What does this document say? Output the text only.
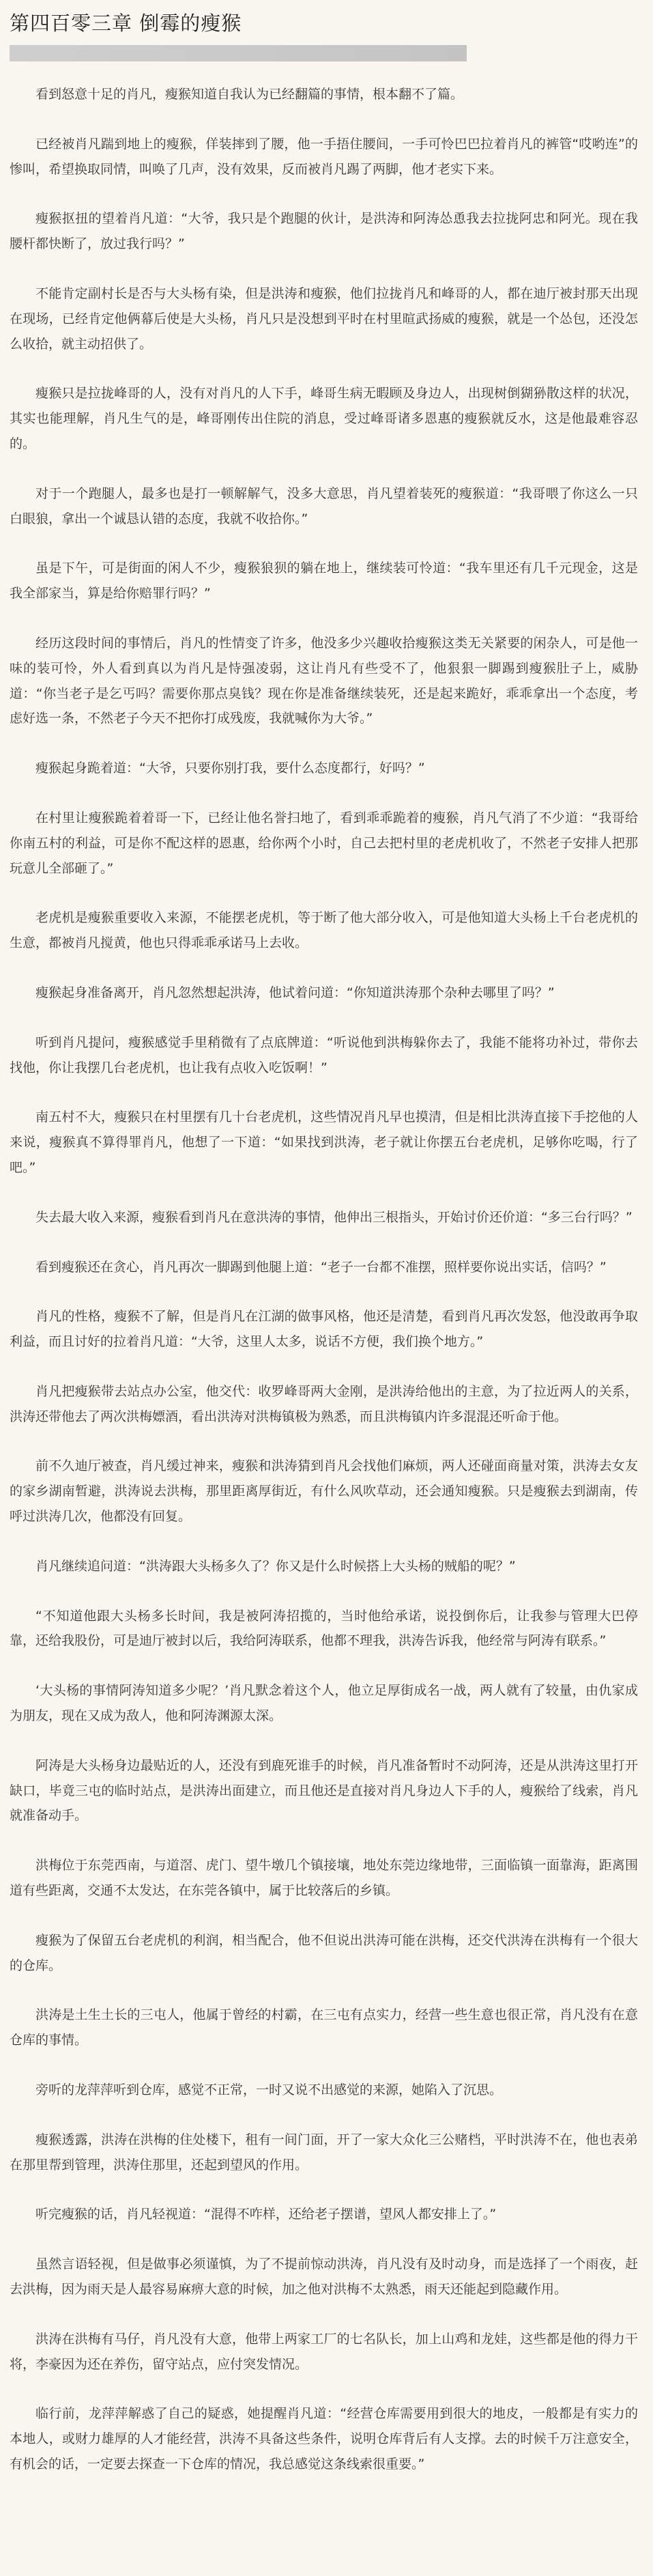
第四百零三章 倒霉的瘦猴

看到怒意十足的肖凡，瘦猴知道自我认为已经翻篇的事情，根本翻不了篇。

已经被肖凡踹到地上的瘦猴，佯装摔到了腰，他一手捂住腰间，一手可怜巴巴拉着肖凡的裤管“哎哟连”的惨叫，希望换取同情，叫唤了几声，没有效果，反而被肖凡踢了两脚，他才老实下来。

瘦猴抠扭的望着肖凡道：“大爷，我只是个跑腿的伙计，是洪涛和阿涛怂恿我去拉拢阿忠和阿光。现在我腰杆都快断了，放过我行吗？”

不能肯定副村长是否与大头杨有染，但是洪涛和瘦猴，他们拉拢肖凡和峰哥的人，都在迪厅被封那天出现在现场，已经肯定他俩幕后使是大头杨，肖凡只是没想到平时在村里暄武扬威的瘦猴，就是一个怂包，还没怎么收拾，就主动招供了。

瘦猴只是拉拢峰哥的人，没有对肖凡的人下手，峰哥生病无暇顾及身边人，出现树倒猢狲散这样的状况，其实也能理解，肖凡生气的是，峰哥刚传出住院的消息，受过峰哥诸多恩惠的瘦猴就反水，这是他最难容忍的。

对于一个跑腿人，最多也是打一顿解解气，没多大意思，肖凡望着装死的瘦猴道：“我哥喂了你这么一只白眼狼，拿出一个诚恳认错的态度，我就不收拾你。”

虽是下午，可是街面的闲人不少，瘦猴狼狈的躺在地上，继续装可怜道：“我车里还有几千元现金，这是我全部家当，算是给你赔罪行吗？”

经历这段时间的事情后，肖凡的性情变了许多，他没多少兴趣收拾瘦猴这类无关紧要的闲杂人，可是他一味的装可怜，外人看到真以为肖凡是恃强凌弱，这让肖凡有些受不了，他狠狠一脚踢到瘦猴肚子上，威胁道：“你当老子是乞丐吗？需要你那点臭钱？现在你是准备继续装死，还是起来跪好，乖乖拿出一个态度，考虑好选一条，不然老子今天不把你打成残废，我就喊你为大爷。”

瘦猴起身跪着道：“大爷，只要你别打我，要什么态度都行，好吗？”

在村里让瘦猴跪着着哥一下，已经让他名誉扫地了，看到乖乖跪着的瘦猴，肖凡气消了不少道：“我哥给你南五村的利益，可是你不配这样的恩惠，给你两个小时，自己去把村里的老虎机收了，不然老子安排人把那玩意儿全部砸了。”

老虎机是瘦猴重要收入来源，不能摆老虎机，等于断了他大部分收入，可是他知道大头杨上千台老虎机的生意，都被肖凡搅黄，他也只得乖乖承诺马上去收。

瘦猴起身准备离开，肖凡忽然想起洪涛，他试着问道：“你知道洪涛那个杂种去哪里了吗？”

听到肖凡提问，瘦猴感觉手里稍微有了点底牌道：“听说他到洪梅躲你去了，我能不能将功补过，带你去找他，你让我摆几台老虎机，也让我有点收入吃饭啊！”

南五村不大，瘦猴只在村里摆有几十台老虎机，这些情况肖凡早也摸清，但是相比洪涛直接下手挖他的人来说，瘦猴真不算得罪肖凡，他想了一下道：“如果找到洪涛，老子就让你摆五台老虎机，足够你吃喝，行了吧。”

失去最大收入来源，瘦猴看到肖凡在意洪涛的事情，他伸出三根指头，开始讨价还价道：“多三台行吗？”

看到瘦猴还在贪心，肖凡再次一脚踢到他腿上道：“老子一台都不准摆，照样要你说出实话，信吗？”

肖凡的性格，瘦猴不了解，但是肖凡在江湖的做事风格，他还是清楚，看到肖凡再次发怒，他没敢再争取利益，而且讨好的拉着肖凡道：“大爷，这里人太多，说话不方便，我们换个地方。”

肖凡把瘦猴带去站点办公室，他交代：收罗峰哥两大金刚，是洪涛给他出的主意，为了拉近两人的关系，洪涛还带他去了两次洪梅嫖酒，看出洪涛对洪梅镇极为熟悉，而且洪梅镇内许多混混还听命于他。

前不久迪厅被查，肖凡缓过神来，瘦猴和洪涛猜到肖凡会找他们麻烦，两人还碰面商量对策，洪涛去女友的家乡湖南暂避，洪涛说去洪梅，那里距离厚街近，有什么风吹草动，还会通知瘦猴。只是瘦猴去到湖南，传呼过洪涛几次，他都没有回复。

肖凡继续追问道：“洪涛跟大头杨多久了？你又是什么时候搭上大头杨的贼船的呢？”

“不知道他跟大头杨多长时间，我是被阿涛招揽的，当时他给承诺，说投倒你后，让我参与管理大巴停靠，还给我股份，可是迪厅被封以后，我给阿涛联系，他都不理我，洪涛告诉我，他经常与阿涛有联系。”

‘大头杨的事情阿涛知道多少呢？’肖凡默念着这个人，他立足厚街成名一战，两人就有了较量，由仇家成为朋友，现在又成为敌人，他和阿涛渊源太深。

阿涛是大头杨身边最贴近的人，还没有到鹿死谁手的时候，肖凡准备暂时不动阿涛，还是从洪涛这里打开缺口，毕竟三屯的临时站点，是洪涛出面建立，而且他还是直接对肖凡身边人下手的人，瘦猴给了线索，肖凡就准备动手。

洪梅位于东莞西南，与道滘、虎门、望牛墩几个镇接壤，地处东莞边缘地带，三面临镇一面靠海，距离围道有些距离，交通不太发达，在东莞各镇中，属于比较落后的乡镇。

瘦猴为了保留五台老虎机的利润，相当配合，他不但说出洪涛可能在洪梅，还交代洪涛在洪梅有一个很大的仓库。

洪涛是土生土长的三屯人，他属于曾经的村霸，在三屯有点实力，经营一些生意也很正常，肖凡没有在意仓库的事情。

旁听的龙萍萍听到仓库，感觉不正常，一时又说不出感觉的来源，她陷入了沉思。

瘦猴透露，洪涛在洪梅的住处楼下，租有一间门面，开了一家大众化三公赌档，平时洪涛不在，他也表弟在那里帮到管理，洪涛住那里，还起到望风的作用。

听完瘦猴的话，肖凡轻视道：“混得不咋样，还给老子摆谱，望风人都安排上了。”

虽然言语轻视，但是做事必须谨慎，为了不提前惊动洪涛，肖凡没有及时动身，而是选择了一个雨夜，赶去洪梅，因为雨天是人最容易麻痹大意的时候，加之他对洪梅不太熟悉，雨天还能起到隐藏作用。

洪涛在洪梅有马仔，肖凡没有大意，他带上两家工厂的七名队长，加上山鸡和龙娃，这些都是他的得力干将，李豪因为还在养伤，留守站点，应付突发情况。

临行前，龙萍萍解惑了自己的疑惑，她提醒肖凡道：“经营仓库需要用到很大的地皮，一般都是有实力的本地人，或财力雄厚的人才能经营，洪涛不具备这些条件，说明仓库背后有人支撑。去的时候千万注意安全，有机会的话，一定要去探查一下仓库的情况，我总感觉这条线索很重要。”
